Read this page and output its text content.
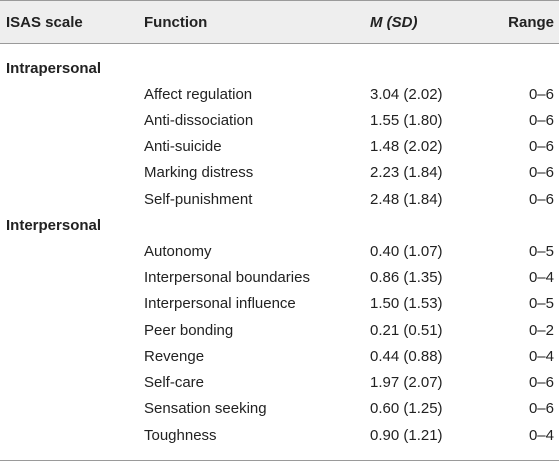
ISAS scale	Function	M (SD)	Range
Intrapersonal
Affect regulation	3.04 (2.02)	0–6
Anti-dissociation	1.55 (1.80)	0–6
Anti-suicide	1.48 (2.02)	0–6
Marking distress	2.23 (1.84)	0–6
Self-punishment	2.48 (1.84)	0–6
Interpersonal
Autonomy	0.40 (1.07)	0–5
Interpersonal boundaries	0.86 (1.35)	0–4
Interpersonal influence	1.50 (1.53)	0–5
Peer bonding	0.21 (0.51)	0–2
Revenge	0.44 (0.88)	0–4
Self-care	1.97 (2.07)	0–6
Sensation seeking	0.60 (1.25)	0–6
Toughness	0.90 (1.21)	0–4
